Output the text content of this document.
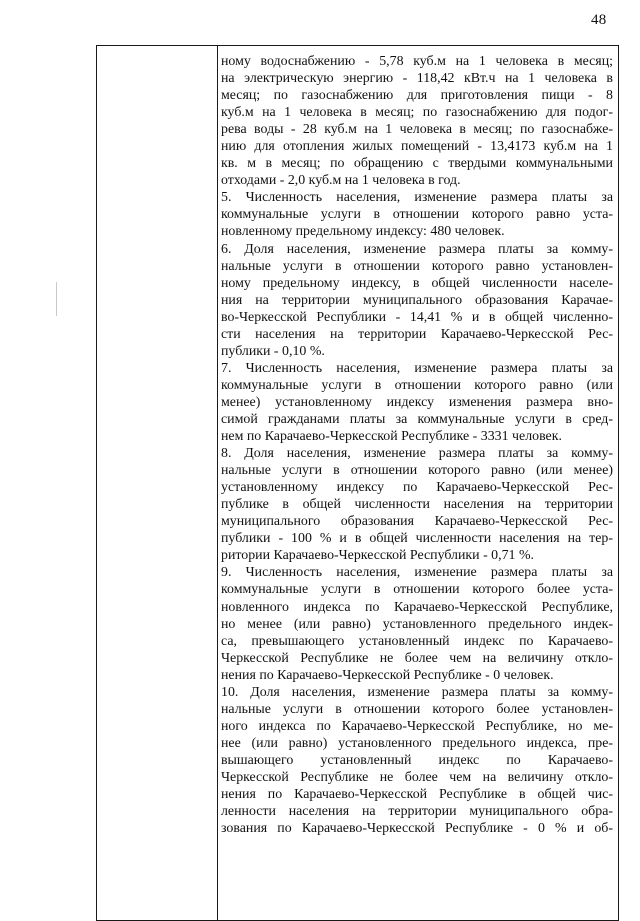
48
ному водоснабжению - 5,78 куб.м на 1 человека в месяц;
на электрическую энергию - 118,42 кВт.ч на 1 человека в
месяц; по газоснабжению для приготовления пищи - 8
куб.м на 1 человека в месяц; по газоснабжению для подог-
рева воды - 28 куб.м на 1 человека в месяц; по газоснабже-
нию для отопления жилых помещений - 13,4173 куб.м на 1
кв. м в месяц; по обращению с твердыми коммунальными
отходами - 2,0 куб.м на 1 человека в год.
5. Численность населения, изменение размера платы за
коммунальные услуги в отношении которого равно уста-
новленному предельному индексу: 480 человек.
6. Доля населения, изменение размера платы за комму-
нальные услуги в отношении которого равно установлен-
ному предельному индексу, в общей численности населе-
ния на территории муниципального образования Карачае-
во-Черкесской Республики - 14,41 % и в общей численно-
сти населения на территории Карачаево-Черкесской Рес-
публики - 0,10 %.
7. Численность населения, изменение размера платы за
коммунальные услуги в отношении которого равно (или
менее) установленному индексу изменения размера вно-
симой гражданами платы за коммунальные услуги в сред-
нем по Карачаево-Черкесской Республике - 3331 человек.
8. Доля населения, изменение размера платы за комму-
нальные услуги в отношении которого равно (или менее)
установленному индексу по Карачаево-Черкесской Рес-
публике в общей численности населения на территории
муниципального образования Карачаево-Черкесской Рес-
публики - 100 % и в общей численности населения на тер-
ритории Карачаево-Черкесской Республики - 0,71 %.
9. Численность населения, изменение размера платы за
коммунальные услуги в отношении которого более уста-
новленного индекса по Карачаево-Черкесской Республике,
но менее (или равно) установленного предельного индек-
са, превышающего установленный индекс по Карачаево-
Черкесской Республике не более чем на величину откло-
нения по Карачаево-Черкесской Республике - 0 человек.
10. Доля населения, изменение размера платы за комму-
нальные услуги в отношении которого более установлен-
ного индекса по Карачаево-Черкесской Республике, но ме-
нее (или равно) установленного предельного индекса, пре-
вышающего установленный индекс по Карачаево-
Черкесской Республике не более чем на величину откло-
нения по Карачаево-Черкесской Республике в общей чис-
ленности населения на территории муниципального обра-
зования по Карачаево-Черкесской Республике - 0 % и об-
